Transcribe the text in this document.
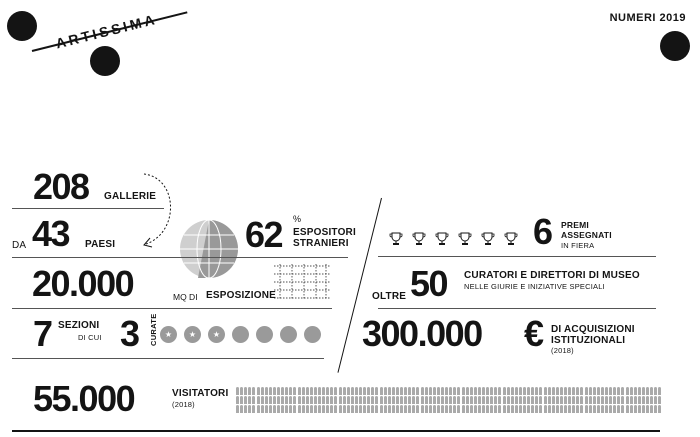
ARTISSIMA	NUMERI 2019
208 GALLERIE
DA 43 PAESI	62 %
ESPOSITORI
STRANIERI
20.000	MQ DI ESPOSIZIONE
7 SEZIONI
DI CUI 3 CURATE ★	★	★
6 PREMI
ASSEGNATI
IN FIERA
OLTRE 50 CURATORI E DIRETTORI DI MUSEO
NELLE GIURIE E INIZIATIVE SPECIALI
300.000 € DI ACQUISIZIONI
ISTITUZIONALI
(2018)
55.000	VISITATORI
(2018)
